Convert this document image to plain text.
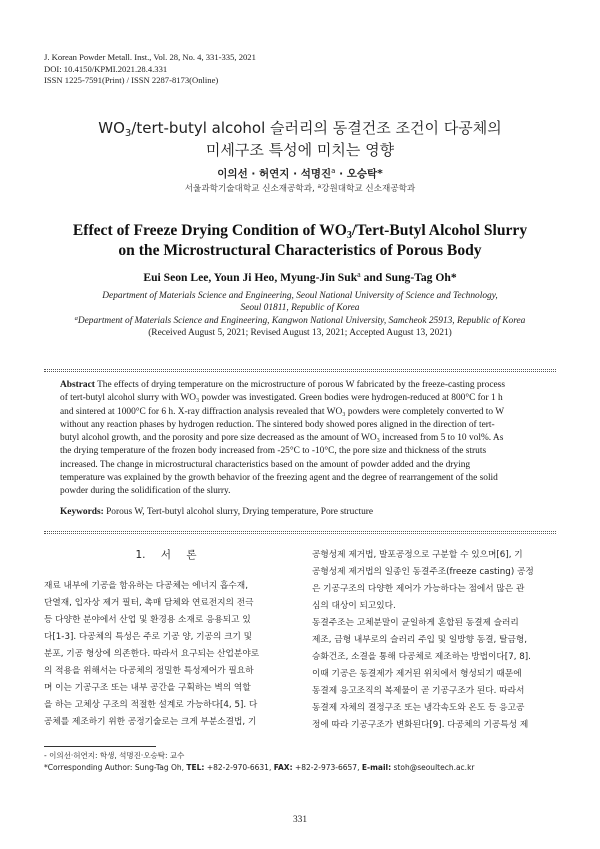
J. Korean Powder Metall. Inst., Vol. 28, No. 4, 331-335, 2021
DOI: 10.4150/KPMI.2021.28.4.331
ISSN 1225-7591(Print) / ISSN 2287-8173(Online)
$WO_3/tert$-butyl alcohol 슬러리의 동결건조 조건이 다공체의
미세구조 특성에 미치는 영향
이의선 · 허연지 · 석명진$^a$ · 오승탁*
서울과학기술대학교 신소재공학과, $^a$강원대학교 신소재공학과
Effect of Freeze Drying Condition of $WO_3/Tert$-Butyl Alcohol Slurry
on the Microstructural Characteristics of Porous Body
Eui Seon Lee, Youn Ji Heo, Myung-Jin Suk$^a$ and Sung-Tag Oh*
Department of Materials Science and Engineering, Seoul National University of Science and Technology,
Seoul 01811, Republic of Korea
$^a$Department of Materials Science and Engineering, Kangwon National University, Samcheok 25913, Republic of Korea
(Received August 5, 2021; Revised August 13, 2021; Accepted August 13, 2021)
Abstract The effects of drying temperature on the microstructure of porous W fabricated by the freeze-casting process
of tert-butyl alcohol slurry with WO₃ powder was investigated. Green bodies were hydrogen-reduced at 800°C for 1 h
and sintered at 1000°C for 6 h. X-ray diffraction analysis revealed that WO₃ powders were completely converted to W
without any reaction phases by hydrogen reduction. The sintered body showed pores aligned in the direction of tert-
butyl alcohol growth, and the porosity and pore size decreased as the amount of WO₃ increased from 5 to 10 vol%. As
the drying temperature of the frozen body increased from -25°C to -10°C, the pore size and thickness of the struts
increased. The change in microstructural characteristics based on the amount of powder added and the drying
temperature was explained by the growth behavior of the freezing agent and the degree of rearrangement of the solid
powder during the solidification of the slurry.
Keywords: Porous W, Tert-butyl alcohol slurry, Drying temperature, Pore structure
1. 서 론
재료 내부에 기공을 함유하는 다공체는 에너지 흡수재,
단열재, 입자상 제거 필터, 촉매 담체와 연료전지의 전극
등 다양한 분야에서 산업 및 환경용 소재로 응용되고 있
다[1-3]. 다공체의 특성은 주로 기공 양, 기공의 크기 및
분포, 기공 형상에 의존한다. 따라서 요구되는 산업분야로
의 적용을 위해서는 다공체의 정밀한 특성제어가 필요하
며 이는 기공구조 또는 내부 공간을 구획하는 벽의 역할
을 하는 고체상 구조의 적절한 설계로 가능하다[4, 5]. 다
공체를 제조하기 위한 공정기술로는 크게 부분소결법, 기
공형성제 제거법, 발포공정으로 구분할 수 있으며[6], 기
공형성제 제거법의 일종인 동결주조(freeze casting) 공정
은 기공구조의 다양한 제어가 가능하다는 점에서 많은 관
심의 대상이 되고있다.
동결주조는 고체분말이 균일하게 혼합된 동결제 슬러리
제조, 금형 내부로의 슬러리 주입 및 일방향 동결, 탈금형,
승화건조, 소결을 통해 다공체로 제조하는 방법이다[7, 8].
이때 기공은 동결제가 제거된 위치에서 형성되기 때문에
동결제 응고조직의 복제물이 곧 기공구조가 된다. 따라서
동결제 자체의 결정구조 또는 냉각속도와 온도 등 응고공
정에 따라 기공구조가 변화된다[9]. 다공체의 기공특성 제
- 이의선·허연지: 학생, 석명진·오승탁: 교수
*Corresponding Author: Sung-Tag Oh, TEL: +82-2-970-6631, FAX: +82-2-973-6657, E-mail: stoh@seoultech.ac.kr
331
